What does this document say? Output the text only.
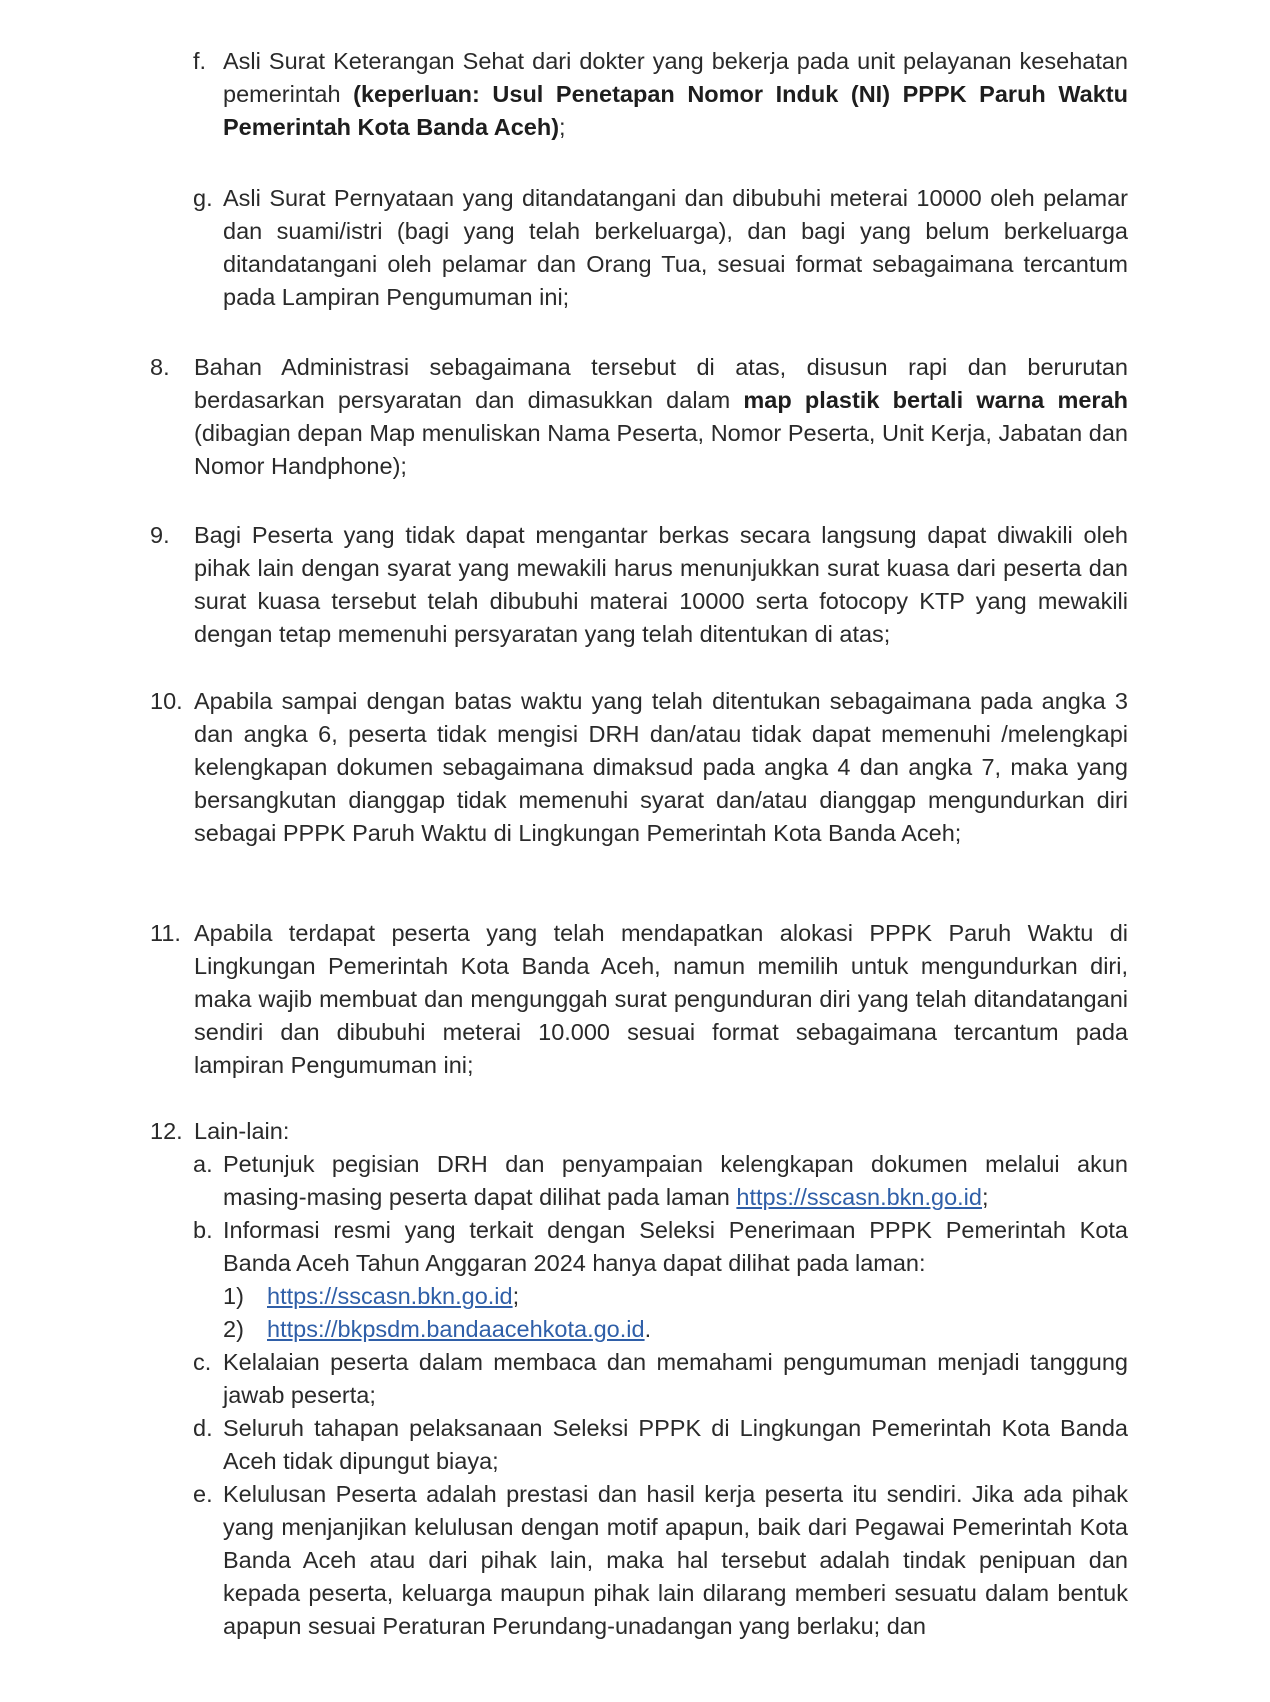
f. Asli Surat Keterangan Sehat dari dokter yang bekerja pada unit pelayanan kesehatan pemerintah (keperluan: Usul Penetapan Nomor Induk (NI) PPPK Paruh Waktu Pemerintah Kota Banda Aceh);
g. Asli Surat Pernyataan yang ditandatangani dan dibubuhi meterai 10000 oleh pelamar dan suami/istri (bagi yang telah berkeluarga), dan bagi yang belum berkeluarga ditandatangani oleh pelamar dan Orang Tua, sesuai format sebagaimana tercantum pada Lampiran Pengumuman ini;
8. Bahan Administrasi sebagaimana tersebut di atas, disusun rapi dan berurutan berdasarkan persyaratan dan dimasukkan dalam map plastik bertali warna merah (dibagian depan Map menuliskan Nama Peserta, Nomor Peserta, Unit Kerja, Jabatan dan Nomor Handphone);
9. Bagi Peserta yang tidak dapat mengantar berkas secara langsung dapat diwakili oleh pihak lain dengan syarat yang mewakili harus menunjukkan surat kuasa dari peserta dan surat kuasa tersebut telah dibubuhi materai 10000 serta fotocopy KTP yang mewakili dengan tetap memenuhi persyaratan yang telah ditentukan di atas;
10. Apabila sampai dengan batas waktu yang telah ditentukan sebagaimana pada angka 3 dan angka 6, peserta tidak mengisi DRH dan/atau tidak dapat memenuhi /melengkapi kelengkapan dokumen sebagaimana dimaksud pada angka 4 dan angka 7, maka yang bersangkutan dianggap tidak memenuhi syarat dan/atau dianggap mengundurkan diri sebagai PPPK Paruh Waktu di Lingkungan Pemerintah Kota Banda Aceh;
11. Apabila terdapat peserta yang telah mendapatkan alokasi PPPK Paruh Waktu di Lingkungan Pemerintah Kota Banda Aceh, namun memilih untuk mengundurkan diri, maka wajib membuat dan mengunggah surat pengunduran diri yang telah ditandatangani sendiri dan dibubuhi meterai 10.000 sesuai format sebagaimana tercantum pada lampiran Pengumuman ini;
12. Lain-lain:
a. Petunjuk pegisian DRH dan penyampaian kelengkapan dokumen melalui akun masing-masing peserta dapat dilihat pada laman https://sscasn.bkn.go.id;
b. Informasi resmi yang terkait dengan Seleksi Penerimaan PPPK Pemerintah Kota Banda Aceh Tahun Anggaran 2024 hanya dapat dilihat pada laman:
1) https://sscasn.bkn.go.id;
2) https://bkpsdm.bandaacehkota.go.id.
c. Kelalaian peserta dalam membaca dan memahami pengumuman menjadi tanggung jawab peserta;
d. Seluruh tahapan pelaksanaan Seleksi PPPK di Lingkungan Pemerintah Kota Banda Aceh tidak dipungut biaya;
e. Kelulusan Peserta adalah prestasi dan hasil kerja peserta itu sendiri. Jika ada pihak yang menjanjikan kelulusan dengan motif apapun, baik dari Pegawai Pemerintah Kota Banda Aceh atau dari pihak lain, maka hal tersebut adalah tindak penipuan dan kepada peserta, keluarga maupun pihak lain dilarang memberi sesuatu dalam bentuk apapun sesuai Peraturan Perundang-unadangan yang berlaku; dan
